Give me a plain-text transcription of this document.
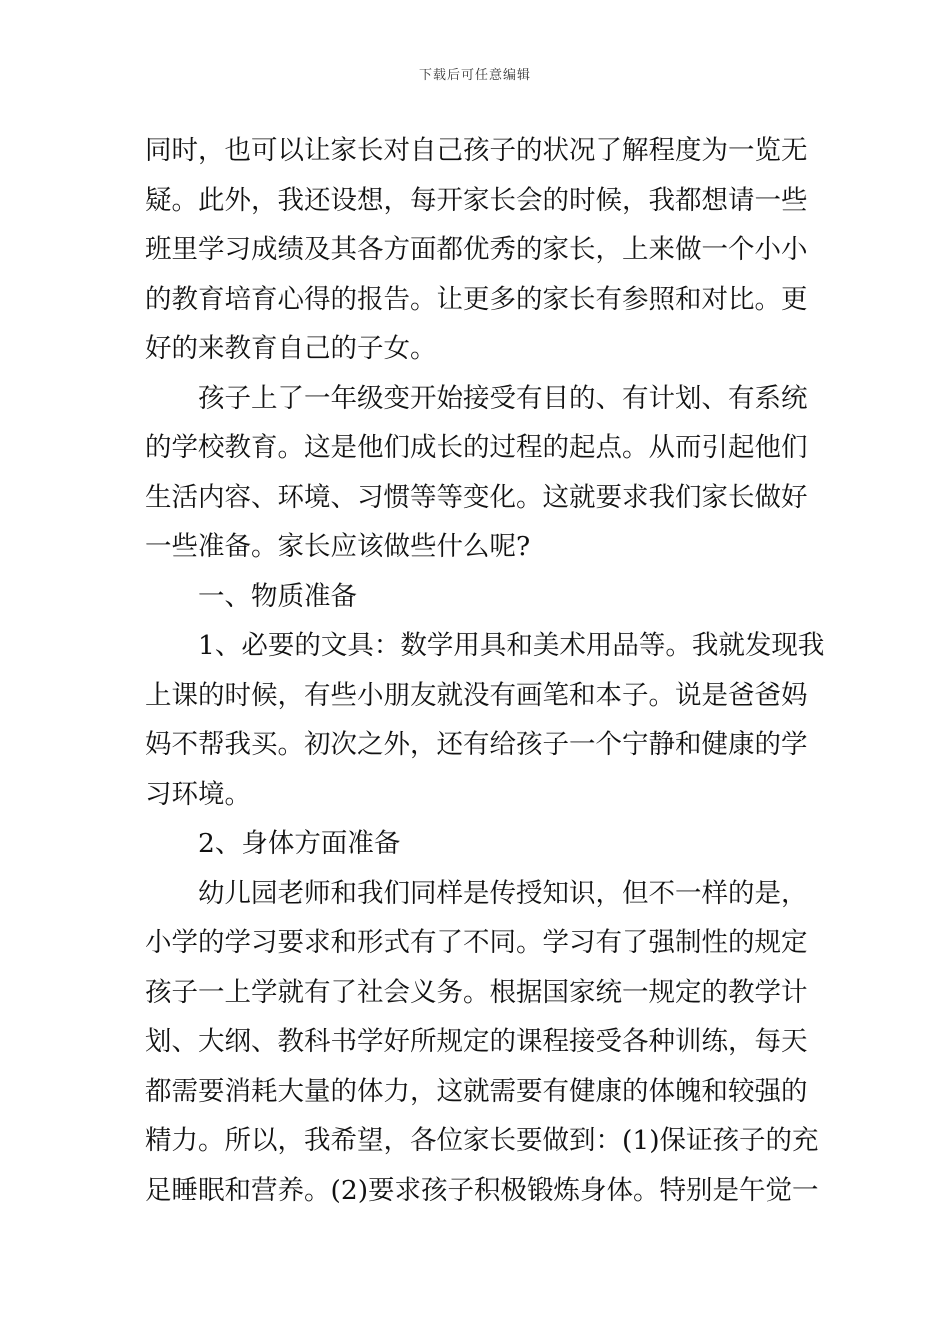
下载后可任意编辑
同时，也可以让家长对自己孩子的状况了解程度为一览无
疑。此外，我还设想，每开家长会的时候，我都想请一些
班里学习成绩及其各方面都优秀的家长，上来做一个小小
的教育培育心得的报告。让更多的家长有参照和对比。更
好的来教育自己的子女。
孩子上了一年级变开始接受有目的、有计划、有系统
的学校教育。这是他们成长的过程的起点。从而引起他们
生活内容、环境、习惯等等变化。这就要求我们家长做好
一些准备。家长应该做些什么呢?
一、物质准备
1、必要的文具：数学用具和美术用品等。我就发现我
上课的时候，有些小朋友就没有画笔和本子。说是爸爸妈
妈不帮我买。初次之外，还有给孩子一个宁静和健康的学
习环境。
2、身体方面准备
幼儿园老师和我们同样是传授知识，但不一样的是，
小学的学习要求和形式有了不同。学习有了强制性的规定
孩子一上学就有了社会义务。根据国家统一规定的教学计
划、大纲、教科书学好所规定的课程接受各种训练，每天
都需要消耗大量的体力，这就需要有健康的体魄和较强的
精力。所以，我希望，各位家长要做到：(1)保证孩子的充
足睡眠和营养。(2)要求孩子积极锻炼身体。特别是午觉一
